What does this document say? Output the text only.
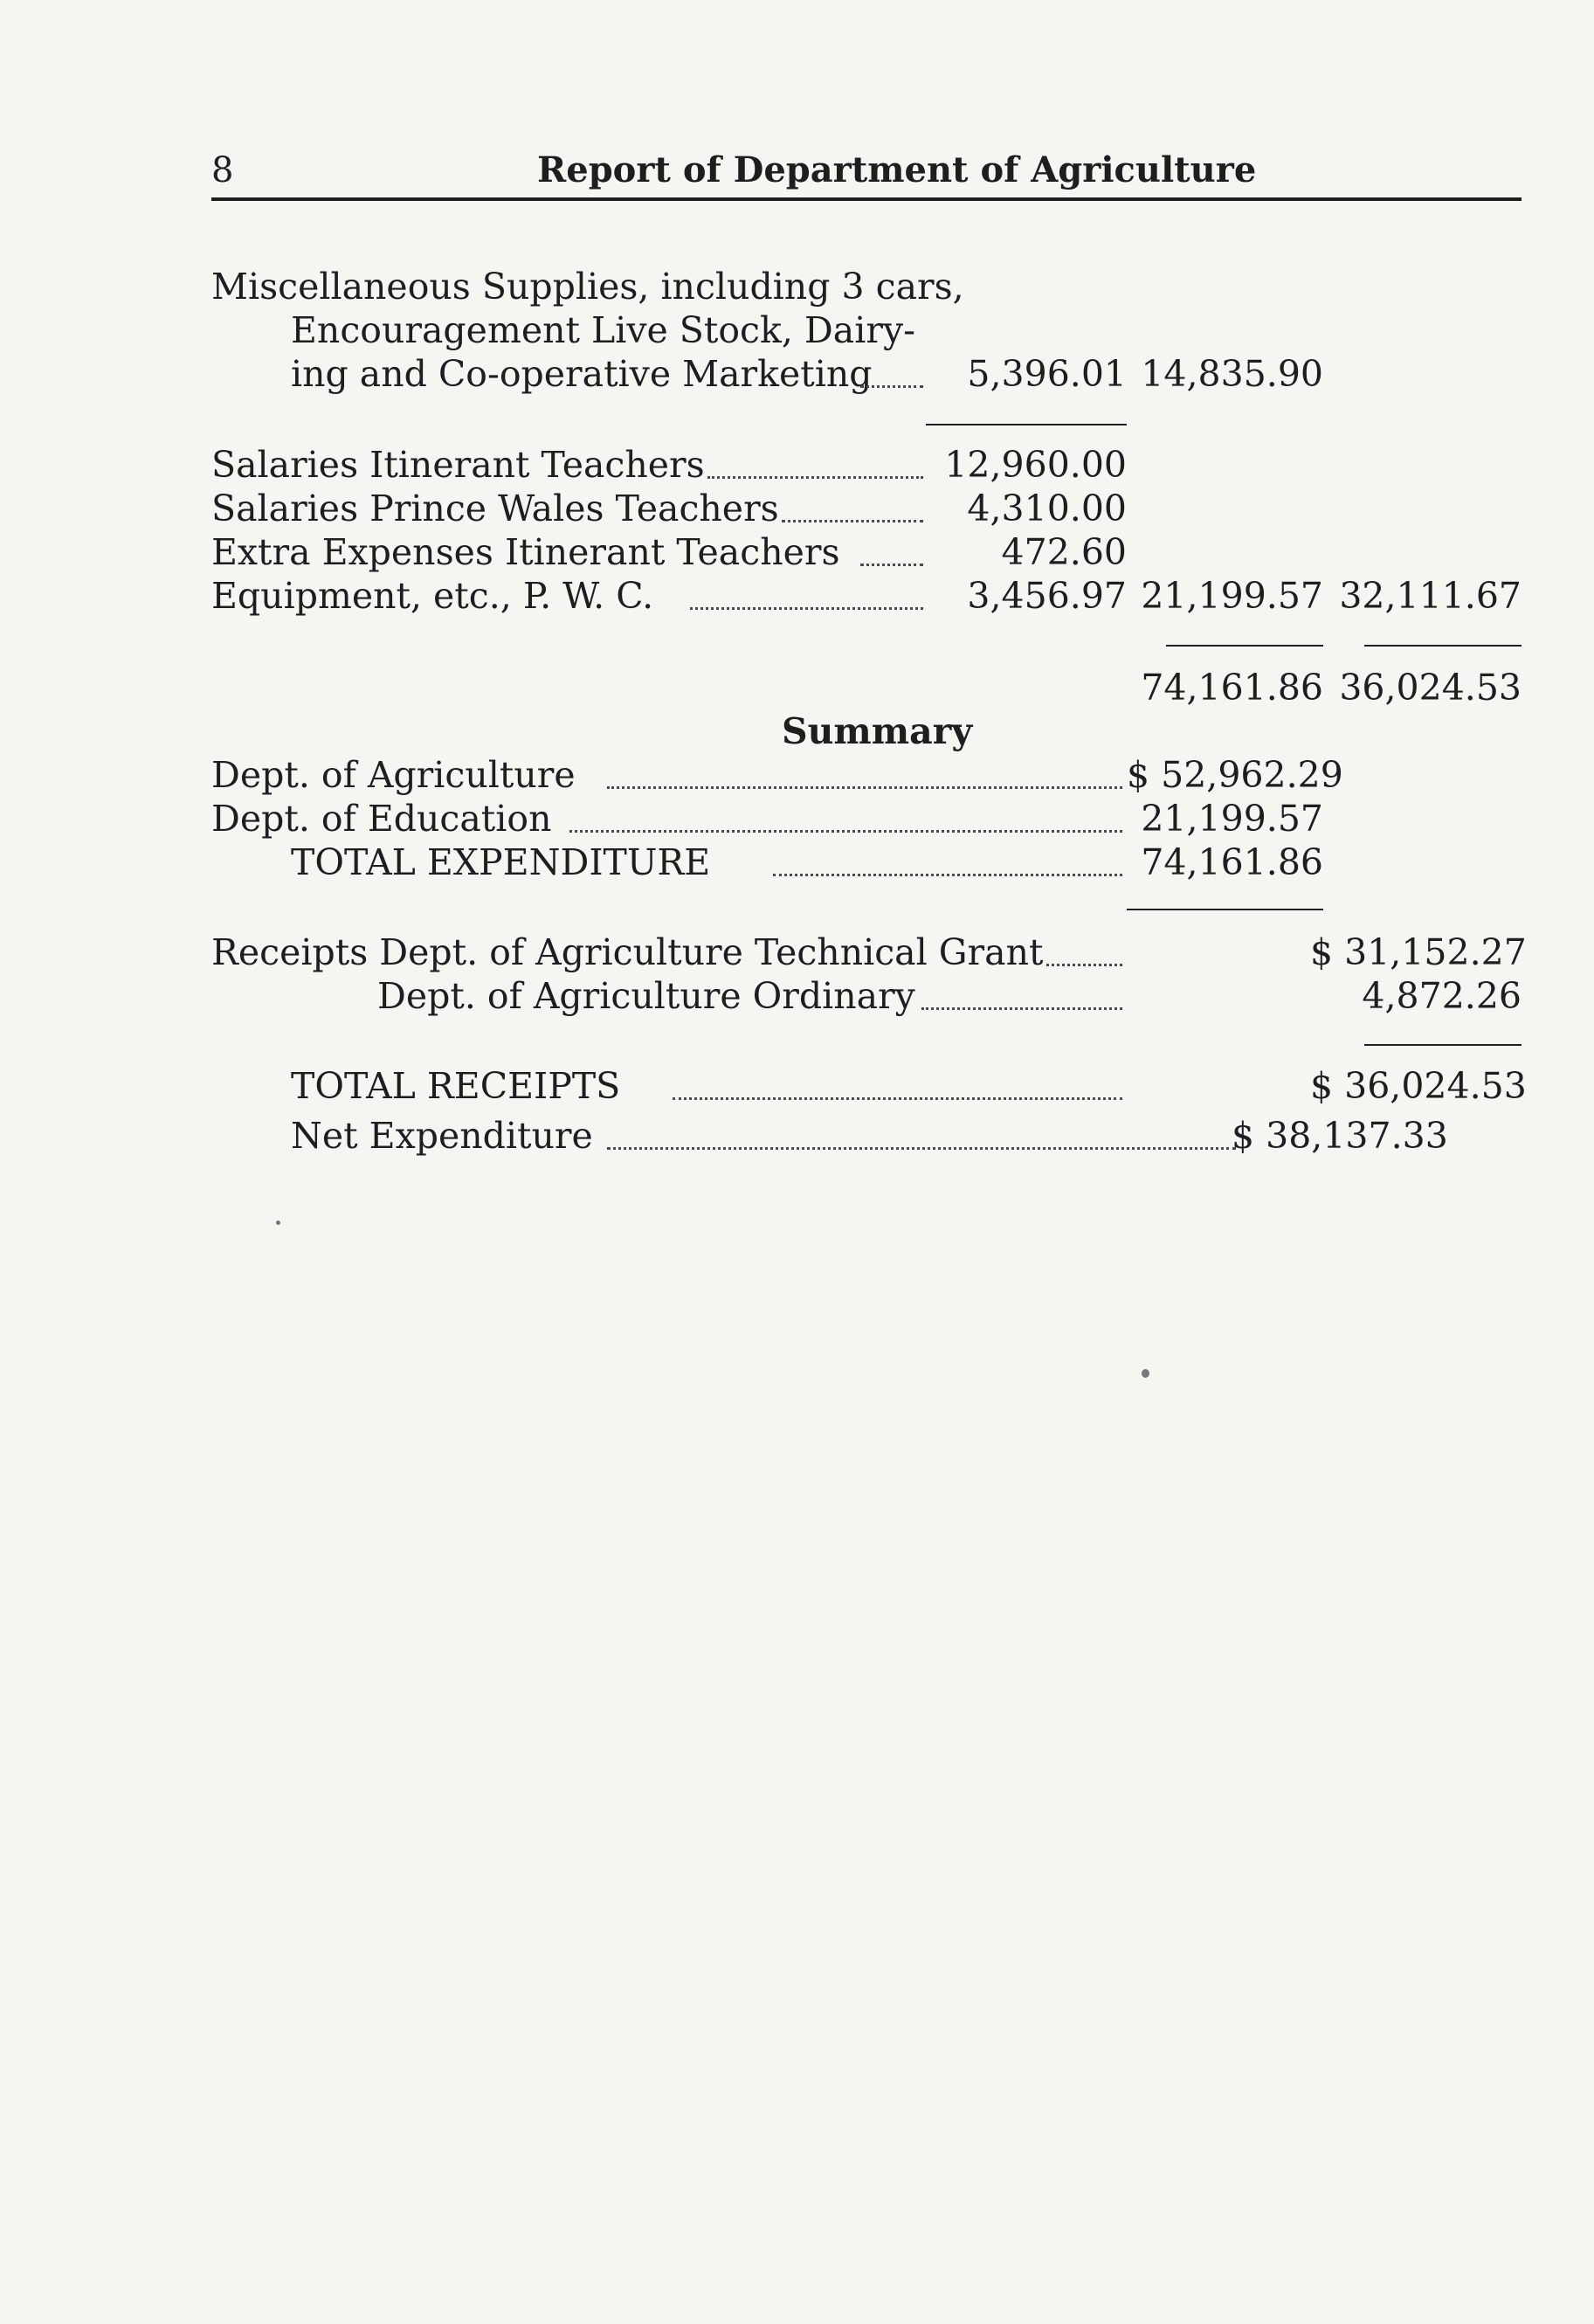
8	Report of Department of Agriculture
Miscellaneous Supplies, including 3 cars,
Encouragement Live Stock, Dairy-
ing and Co-operative Marketing	5,396.01 14,835.90
Salaries Itinerant Teachers	12,960.00
Salaries Prince Wales Teachers	4,310.00
Extra Expenses Itinerant Teachers	472.60
Equipment, etc., P. W. C.	3,456.97 21,199.57 32,111.67
74,161.86 36,024.53
Summary
Dept. of Agriculture	$ 52,962.29
Dept. of Education	21,199.57
TOTAL EXPENDITURE	74,161.86
Receipts Dept. of Agriculture Technical Grant	$ 31,152.27
Dept. of Agriculture Ordinary	4,872.26
TOTAL RECEIPTS	$ 36,024.53
Net Expenditure	$ 38,137.33
